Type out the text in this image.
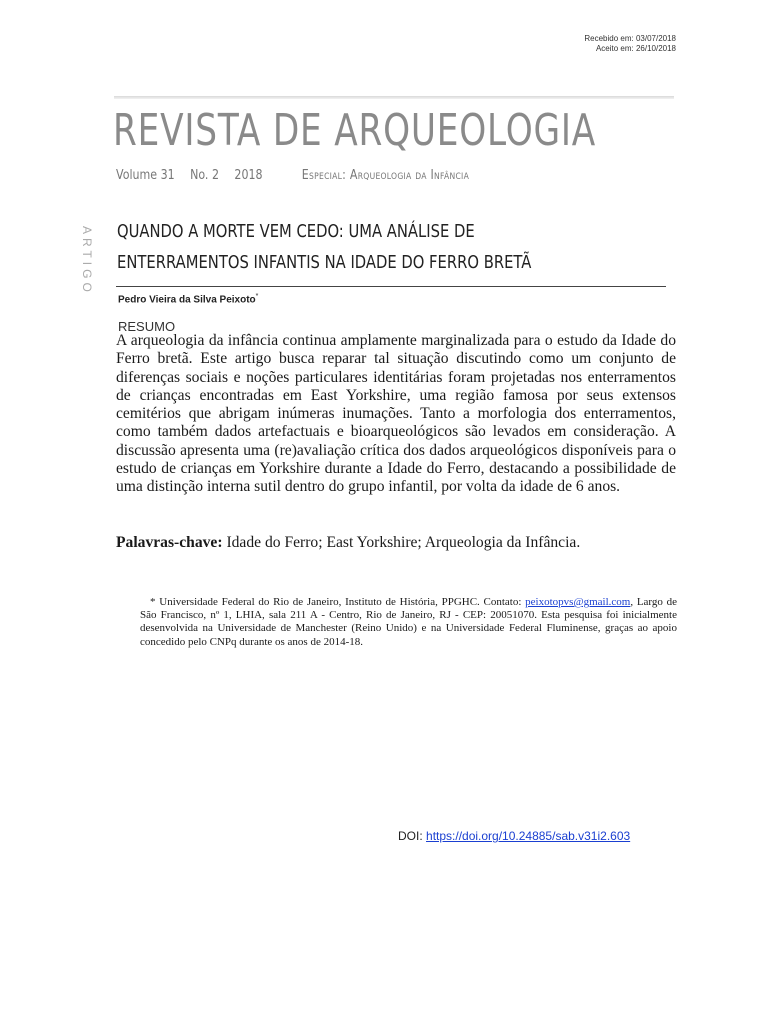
Recebido em: 03/07/2018
Aceito em: 26/10/2018
REVISTA DE ARQUEOLOGIA
Volume 31 No. 2 2018	Especial: Arqueologia da Infância
ARTIGO QUANDO A MORTE VEM CEDO: UMA ANÁLISE DE ENTERRAMENTOS INFANTIS NA IDADE DO FERRO BRETÃ
Pedro Vieira da Silva Peixoto*
RESUMO

A arqueologia da infância continua amplamente marginalizada para o estudo da Idade do Ferro bretã. Este artigo busca reparar tal situação discutindo como um conjunto de diferenças sociais e noções particulares identitárias foram projetadas nos enterramentos de crianças encontradas em East Yorkshire, uma região famosa por seus extensos cemitérios que abrigam inúmeras inumações. Tanto a morfologia dos enterramentos, como também dados artefactuais e bioarqueológicos são levados em consideração. A discussão apresenta uma (re)avaliação crítica dos dados arqueológicos disponíveis para o estudo de crianças em Yorkshire durante a Idade do Ferro, destacando a possibilidade de uma distinção interna sutil dentro do grupo infantil, por volta da idade de 6 anos.

Palavras-chave: Idade do Ferro; East Yorkshire; Arqueologia da Infância.

* Universidade Federal do Rio de Janeiro, Instituto de História, PPGHC. Contato: peixotopvs@gmail.com, Largo de São Francisco, nº 1, LHIA, sala 211 A - Centro, Rio de Janeiro, RJ - CEP: 20051070. Esta pesquisa foi inicialmente desenvolvida na Universidade de Manchester (Reino Unido) e na Universidade Federal Fluminense, graças ao apoio concedido pelo CNPq durante os anos de 2014-18.

DOI: https://doi.org/10.24885/sab.v31i2.603
